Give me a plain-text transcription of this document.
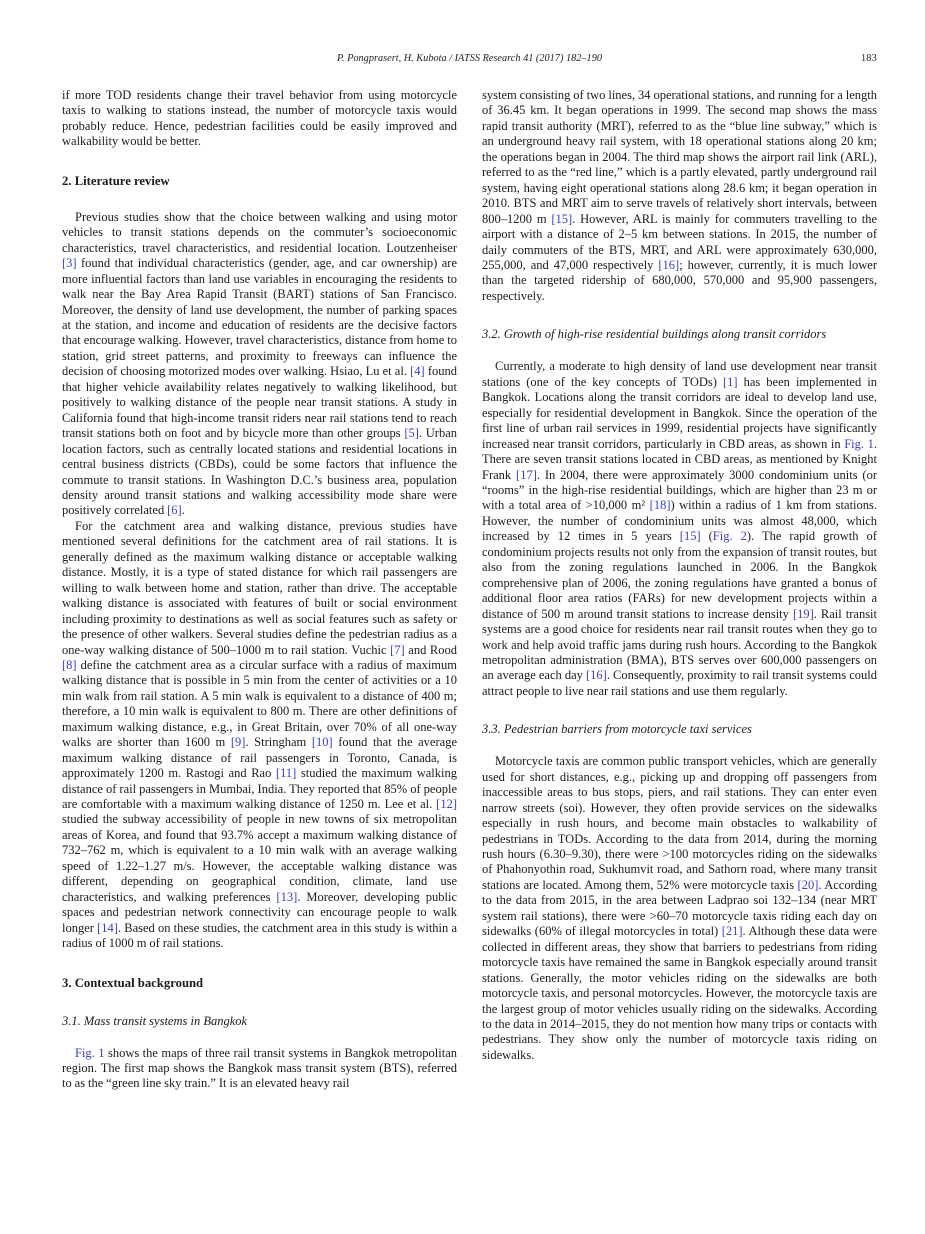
P. Pongprasert, H. Kubota / IATSS Research 41 (2017) 182–190	183

if more TOD residents change their travel behavior from using motorcycle taxis to walking to stations instead, the number of motorcycle taxis would probably reduce. Hence, pedestrian facilities could be easily improved and walkability would be better.

2. Literature review

Previous studies show that the choice between walking and using motor vehicles to transit stations depends on the commuter’s socioeconomic characteristics, travel characteristics, and residential location. Loutzenheiser [3] found that individual characteristics (gender, age, and car ownership) are more influential factors than land use variables in encouraging the residents to walk near the Bay Area Rapid Transit (BART) stations of San Francisco. Moreover, the density of land use development, the number of parking spaces at the station, and income and education of residents are the decisive factors that encourage walking. However, travel characteristics, distance from home to station, grid street patterns, and proximity to freeways can influence the decision of choosing motorized modes over walking. Hsiao, Lu et al. [4] found that higher vehicle availability relates negatively to walking likelihood, but positively to walking distance of the people near transit stations. A study in California found that high-income transit riders near rail stations tend to reach transit stations both on foot and by bicycle more than other groups [5]. Urban location factors, such as centrally located stations and residential locations in central business districts (CBDs), could be some factors that influence the commute to transit stations. In Washington D.C.’s business area, population density around transit stations and walking accessibility mode share were positively correlated [6].

For the catchment area and walking distance, previous studies have mentioned several definitions for the catchment area of rail stations. It is generally defined as the maximum walking distance or acceptable walking distance. Mostly, it is a type of stated distance for which rail passengers are willing to walk between home and station, rather than drive. The acceptable walking distance is associated with features of built or social environment including proximity to destinations as well as social features such as safety or the presence of other walkers. Several studies define the pedestrian radius as a one-way walking distance of 500–1000 m to rail station. Vuchic [7] and Rood [8] define the catchment area as a circular surface with a radius of maximum walking distance that is possible in 5 min from the center of activities or a 10 min walk from rail station. A 5 min walk is equivalent to a distance of 400 m; therefore, a 10 min walk is equivalent to 800 m. There are other definitions of maximum walking distance, e.g., in Great Britain, over 70% of all one-way walks are shorter than 1600 m [9]. Stringham [10] found that the average maximum walking distance of rail passengers in Toronto, Canada, is approximately 1200 m. Rastogi and Rao [11] studied the maximum walking distance of rail passengers in Mumbai, India. They reported that 85% of people are comfortable with a maximum walking distance of 1250 m. Lee et al. [12] studied the subway accessibility of people in new towns of six metropolitan areas of Korea, and found that 93.7% accept a maximum walking distance of 732–762 m, which is equivalent to a 10 min walk with an average walking speed of 1.22–1.27 m/s. However, the acceptable walking distance was different, depending on geographical condition, climate, land use characteristics, and walking preferences [13]. Moreover, developing public spaces and pedestrian network connectivity can encourage people to walk longer [14]. Based on these studies, the catchment area in this study is within a radius of 1000 m of rail stations.

3. Contextual background
3.1. Mass transit systems in Bangkok

Fig. 1 shows the maps of three rail transit systems in Bangkok metropolitan region. The first map shows the Bangkok mass transit system (BTS), referred to as the “green line sky train.” It is an elevated heavy rail

system consisting of two lines, 34 operational stations, and running for a length of 36.45 km. It began operations in 1999. The second map shows the mass rapid transit authority (MRT), referred to as the “blue line subway,” which is an underground heavy rail system, with 18 operational stations along 20 km; the operations began in 2004. The third map shows the airport rail link (ARL), referred to as the “red line,” which is a partly elevated, partly underground rail system, having eight operational stations along 28.6 km; it began operation in 2010. BTS and MRT aim to serve travels of relatively short intervals, between 800–1200 m [15]. However, ARL is mainly for commuters travelling to the airport with a distance of 2–5 km between stations. In 2015, the number of daily commuters of the BTS, MRT, and ARL were approximately 630,000, 255,000, and 47,000 respectively [16]; however, currently, it is much lower than the targeted ridership of 680,000, 570,000 and 95,900 passengers, respectively.

3.2. Growth of high-rise residential buildings along transit corridors

Currently, a moderate to high density of land use development near transit stations (one of the key concepts of TODs) [1] has been implemented in Bangkok. Locations along the transit corridors are ideal to develop land use, especially for residential development in Bangkok. Since the operation of the first line of urban rail services in 1999, residential projects have significantly increased near transit corridors, particularly in CBD areas, as shown in Fig. 1. There are seven transit stations located in CBD areas, as mentioned by Knight Frank [17]. In 2004, there were approximately 3000 condominium units (or “rooms” in the high-rise residential buildings, which are higher than 23 m or with a total area of >10,000 m² [18]) within a radius of 1 km from stations. However, the number of condominium units was almost 48,000, which increased by 12 times in 5 years [15] (Fig. 2). The rapid growth of condominium projects results not only from the expansion of transit routes, but also from the zoning regulations launched in 2006. In the Bangkok comprehensive plan of 2006, the zoning regulations have granted a bonus of additional floor area ratios (FARs) for new development projects within a distance of 500 m around transit stations to increase density [19]. Rail transit systems are a good choice for residents near rail transit routes when they go to work and help avoid traffic jams during rush hours. According to the Bangkok metropolitan administration (BMA), BTS serves over 600,000 passengers on an average each day [16]. Consequently, proximity to rail transit systems could attract people to live near rail stations and use them regularly.

3.3. Pedestrian barriers from motorcycle taxi services

Motorcycle taxis are common public transport vehicles, which are generally used for short distances, e.g., picking up and dropping off passengers from inaccessible areas to bus stops, piers, and rail stations. They can enter even narrow streets (soi). However, they often provide services on the sidewalks especially in rush hours, and become main obstacles to walkability of pedestrians in TODs. According to the data from 2014, during the morning rush hours (6.30–9.30), there were >100 motorcycles riding on the sidewalks of Phahonyothin road, Sukhumvit road, and Sathorn road, where many transit stations are located. Among them, 52% were motorcycle taxis [20]. According to the data from 2015, in the area between Ladprao soi 132–134 (near MRT system rail stations), there were >60–70 motorcycle taxis riding each day on sidewalks (60% of illegal motorcycles in total) [21]. Although these data were collected in different areas, they show that barriers to pedestrians from riding motorcycle taxis have remained the same in Bangkok especially around transit stations. Generally, the motor vehicles riding on the sidewalks are both motorcycle taxis, and personal motorcycles. However, the motorcycle taxis are the largest group of motor vehicles usually riding on the sidewalks. According to the data in 2014–2015, they do not mention how many trips or contacts with pedestrians. They show only the number of motorcycle taxis riding on sidewalks.
